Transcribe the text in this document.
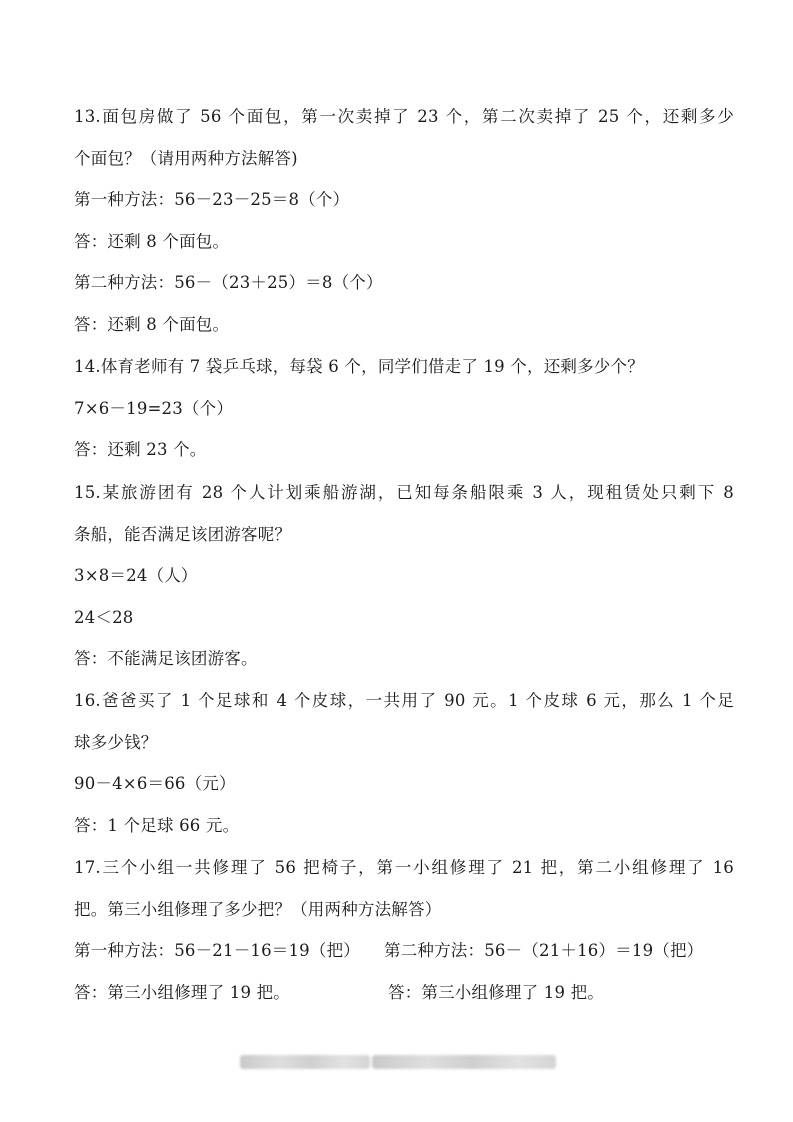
13.面包房做了 56 个面包，第一次卖掉了 23 个，第二次卖掉了 25 个，还剩多少
个面包？（请用两种方法解答)
第一种方法：56－23－25＝8（个）
答：还剩 8 个面包。
第二种方法：56－（23＋25）＝8（个）
答：还剩 8 个面包。
14.体育老师有 7 袋乒乓球，每袋 6 个，同学们借走了 19 个，还剩多少个？
7×6－19=23（个）
答：还剩 23 个。
15.某旅游团有 28 个人计划乘船游湖，已知每条船限乘 3 人，现租赁处只剩下 8
条船，能否满足该团游客呢？
3×8＝24（人）
24＜28
答：不能满足该团游客。
16.爸爸买了 1 个足球和 4 个皮球，一共用了 90 元。1 个皮球 6 元，那么 1 个足
球多少钱？
90－4×6＝66（元）
答：1 个足球 66 元。
17.三个小组一共修理了 56 把椅子，第一小组修理了 21 把，第二小组修理了 16
把。第三小组修理了多少把？（用两种方法解答）
第一种方法：56－21－16＝19（把） 第二种方法：56－（21＋16）＝19（把）
答：第三小组修理了 19 把。	答：第三小组修理了 19 把。
